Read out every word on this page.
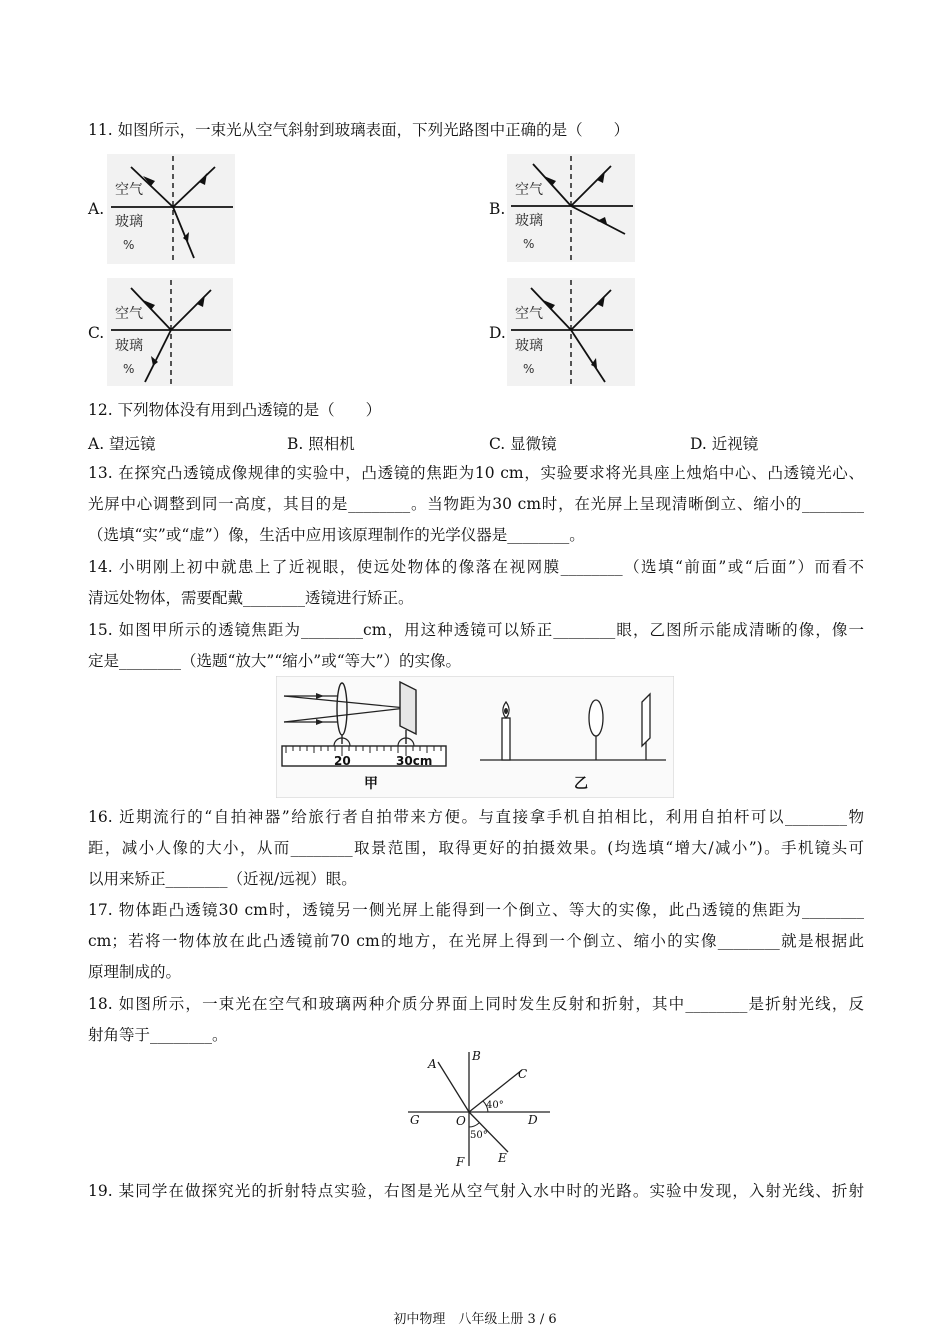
11. 如图所示，一束光从空气斜射到玻璃表面，下列光路图中正确的是（　　）
A.
空气
玻璃
%
B.
空气
玻璃
%
C.
空气
玻璃
%
D.
空气
玻璃
%
12. 下列物体没有用到凸透镜的是（　　）
A. 望远镜	B. 照相机	C. 显微镜	D. 近视镜
13. 在探究凸透镜成像规律的实验中，凸透镜的焦距为10 cm，实验要求将光具座上烛焰中心、凸透镜光心、
光屏中心调整到同一高度，其目的是________。当物距为30 cm时，在光屏上呈现清晰倒立、缩小的________
（选填“实”或“虚”）像，生活中应用该原理制作的光学仪器是________。
14. 小明刚上初中就患上了近视眼，使远处物体的像落在视网膜________（选填“前面”或“后面”）而看不
清远处物体，需要配戴________透镜进行矫正。
15. 如图甲所示的透镜焦距为________cm，用这种透镜可以矫正________眼，乙图所示能成清晰的像，像一
定是________（选题“放大”“缩小”或“等大”）的实像。
20	30cm
甲	乙
16. 近期流行的“自拍神器”给旅行者自拍带来方便。与直接拿手机自拍相比，利用自拍杆可以________物
距，减小人像的大小，从而________取景范围，取得更好的拍摄效果。(均选填“增大/减小”)。手机镜头可
以用来矫正________（近视/远视）眼。
17. 物体距凸透镜30 cm时，透镜另一侧光屏上能得到一个倒立、等大的实像，此凸透镜的焦距为________
cm；若将一物体放在此凸透镜前70 cm的地方，在光屏上得到一个倒立、缩小的实像________就是根据此
原理制成的。
18. 如图所示，一束光在空气和玻璃两种介质分界面上同时发生反射和折射，其中________是折射光线，反
射角等于________。
A
B
C
D
E
F
G	O
40°
50°
19. 某同学在做探究光的折射特点实验，右图是光从空气射入水中时的光路。实验中发现，入射光线、折射
初中物理　八年级上册 3 / 6
